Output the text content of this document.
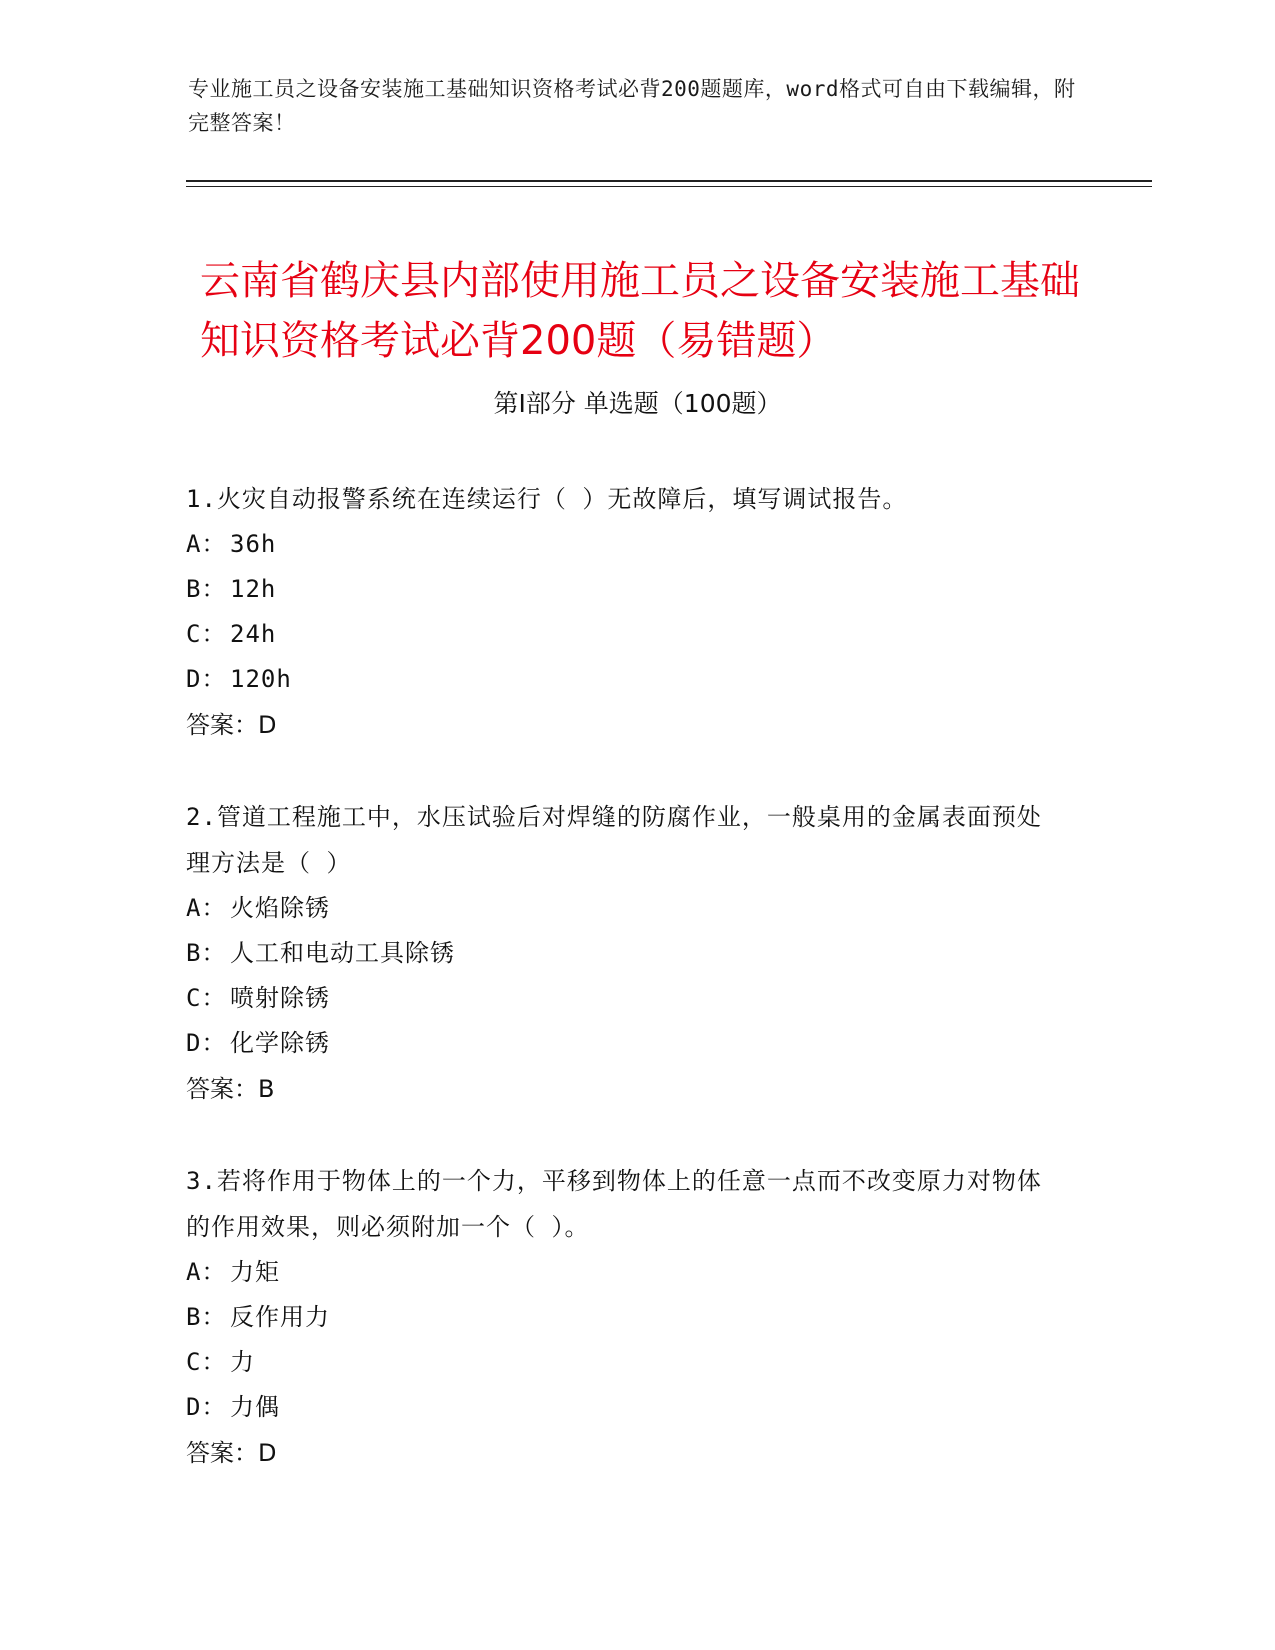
专业施工员之设备安装施工基础知识资格考试必背200题题库，word格式可自由下载编辑，附完整答案！
云南省鹤庆县内部使用施工员之设备安装施工基础知识资格考试必背200题（易错题）
第Ⅰ部分 单选题（100题）
1.火灾自动报警系统在连续运行（ ）无故障后，填写调试报告。
A： 36h
B： 12h
C： 24h
D： 120h
答案：D
2.管道工程施工中，水压试验后对焊缝的防腐作业，一般桌用的金属表面预处理方法是（ ）
A： 火焰除锈
B： 人工和电动工具除锈
C： 喷射除锈
D： 化学除锈
答案：B
3.若将作用于物体上的一个力，平移到物体上的任意一点而不改变原力对物体的作用效果，则必须附加一个（ ）。
A： 力矩
B： 反作用力
C： 力
D： 力偶
答案：D
